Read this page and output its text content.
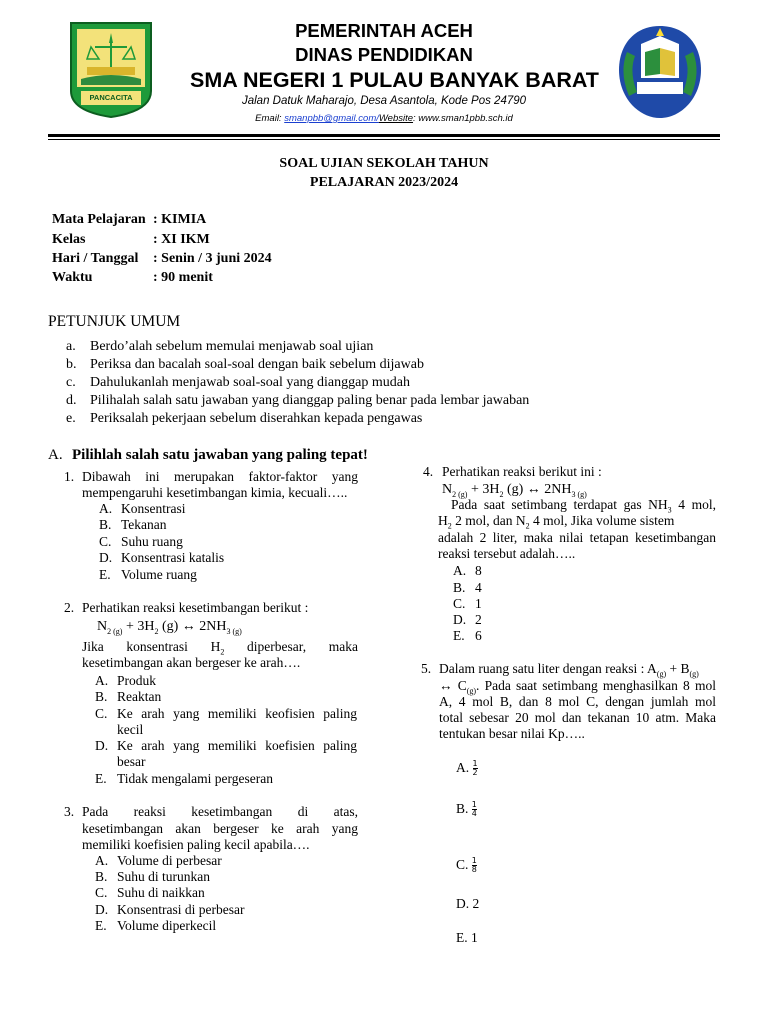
PANCACITA
PEMERINTAH ACEH
DINAS PENDIDIKAN
SMA NEGERI 1 PULAU BANYAK BARAT
Jalan Datuk Maharajo, Desa Asantola, Kode Pos 24790
Email: smanpbb@gmail.com/Website: www.sman1pbb.sch.id
SOAL UJIAN SEKOLAH TAHUN
PELAJARAN 2023/2024
Mata Pelajaran : KIMIA
Kelas	: XI IKM
Hari / Tanggal : Senin / 3 juni 2024
Waktu	: 90 menit
PETUNJUK UMUM
a. Berdo’alah sebelum memulai menjawab soal ujian
b. Periksa dan bacalah soal-soal dengan baik sebelum dijawab
c. Dahulukanlah menjawab soal-soal yang dianggap mudah
d. Pilihalah salah satu jawaban yang dianggap paling benar pada lembar jawaban
e. Periksalah pekerjaan sebelum diserahkan kepada pengawas
A. Pilihlah salah satu jawaban yang paling tepat!
1. Dibawah ini merupakan faktor-faktor yang
mempengaruhi kesetimbangan kimia, kecuali…..
A. Konsentrasi
B. Tekanan
C. Suhu ruang
D. Konsentrasi katalis
E. Volume ruang
2. Perhatikan reaksi kesetimbangan berikut :
$N_{2 (g)} + 3H_2$ (g) ↔ $2NH_{3 (g)}$
Jika konsentrasi $H_2$ diperbesar, maka
kesetimbangan akan bergeser ke arah….
A. Produk
B. Reaktan
C. Ke arah yang memiliki keofisien paling
kecil
D. Ke arah yang memiliki koefisien paling
besar
E. Tidak mengalami pergeseran
3. Pada reaksi kesetimbangan di atas,
kesetimbangan akan bergeser ke arah yang
memiliki koefisien paling kecil apabila….
A. Volume di perbesar
B. Suhu di turunkan
C. Suhu di naikkan
D. Konsentrasi di perbesar
E. Volume diperkecil
4. Perhatikan reaksi berikut ini :
$N_{2 (g)} + 3H_2$ (g) ↔ $2NH_{3 (g)}$
Pada saat setimbang terdapat gas $NH_3$ 4 mol,
$H_2$ 2 mol, dan $N_2$ 4 mol, Jika volume sistem
adalah 2 liter, maka nilai tetapan kesetimbangan
reaksi tersebut adalah…..
A. 8
B. 4
C. 1
D. 2
E. 6
5. Dalam ruang satu liter dengan reaksi : $A_{(g)} + B_{(g)}$
↔ $C_{(g)}$. Pada saat setimbang menghasilkan 8 mol
A, 4 mol B, dan 8 mol C, dengan jumlah mol
total sebesar 20 mol dan tekanan 10 atm. Maka
tentukan besar nilai Kp…..
A. $\frac{1}{2}$
B. $\frac{1}{4}$
C. $\frac{1}{8}$
D. 2
E. 1
